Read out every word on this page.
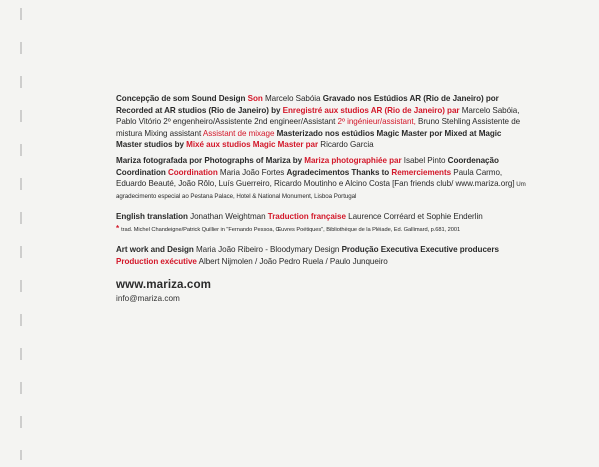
Concepção de som Sound Design Son Marcelo Sabóia Gravado nos Estúdios AR (Rio de Janeiro) por Recorded at AR studios (Rio de Janeiro) by Enregistré aux studios AR (Rio de Janeiro) par Marcelo Sabóia, Pablo Vitório 2º engenheiro/Assistente 2nd engineer/Assistant 2º ingénieur/assistant, Bruno Stehling Assistente de mistura Mixing assistant Assistant de mixage Masterizado nos estúdios Magic Master por Mixed at Magic Master studios by Mixé aux studios Magic Master par Ricardo Garcia
Mariza fotografada por Photographs of Mariza by Mariza photographiée par Isabel Pinto Coordenação Coordination Coordination Maria João Fortes Agradecimentos Thanks to Remerciements Paula Carmo, Eduardo Beauté, João Rôlo, Luís Guerreiro, Ricardo Moutinho e Alcino Costa [Fan friends club/ www.mariza.org] Um agradecimento especial ao Pestana Palace, Hotel & National Monument, Lisboa Portugal
English translation Jonathan Weightman Traduction française Laurence Corréard et Sophie Enderlin
* trad. Michel Chandeigne/Patrick Quillier in "Fernando Pessoa, Œuvres Poétiques", Bibliothèque de la Pléiade, Ed. Gallimard, p.681, 2001
Art work and Design Maria João Ribeiro - Bloodymary Design Produção Executiva Executive producers Production exécutive Albert Nijmolen / João Pedro Ruela / Paulo Junqueiro
www.mariza.com
info@mariza.com
